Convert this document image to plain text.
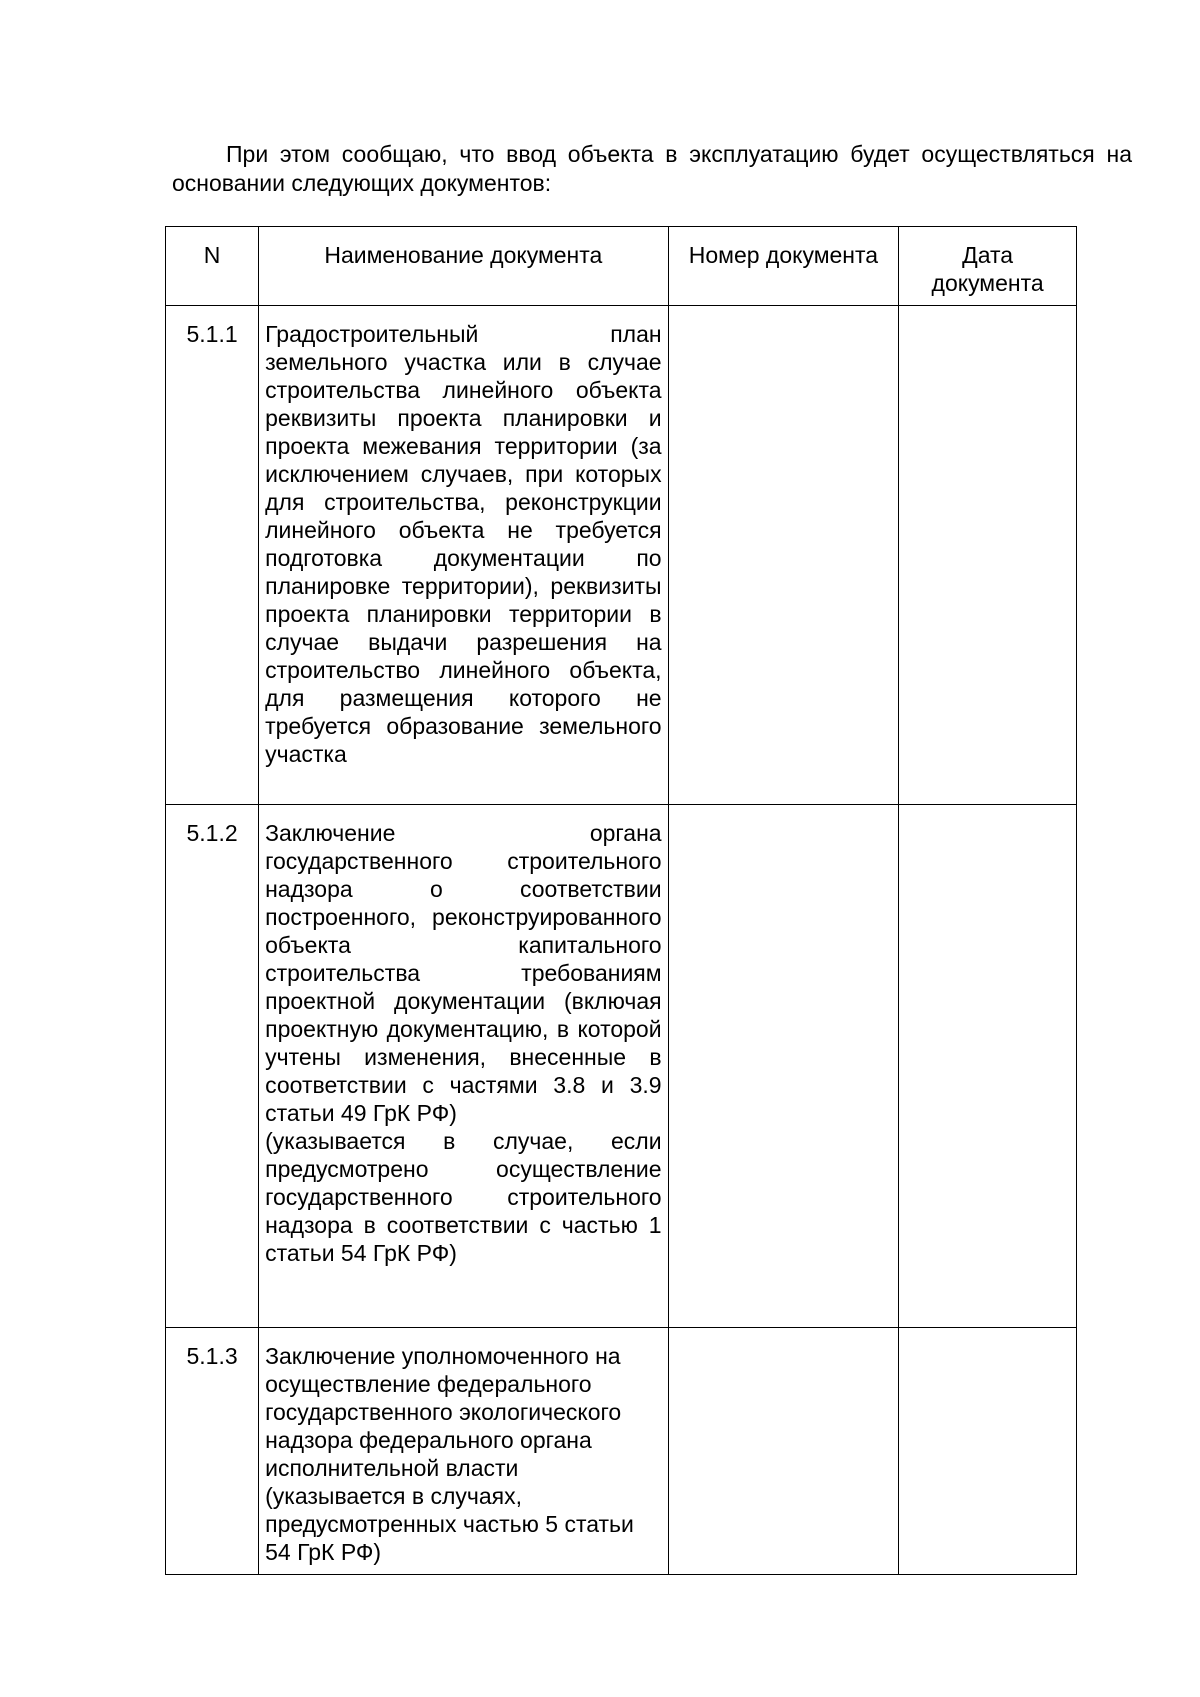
При этом сообщаю, что ввод объекта в эксплуатацию будет осуществляться на основании следующих документов:

N	Наименование документа	Номер документа	Дата документа
5.1.1	Градостроительный план земельного участка или в случае строительства линейного объекта реквизиты проекта планировки и проекта межевания территории (за исключением случаев, при которых для строительства, реконструкции линейного объекта не требуется подготовка документации по планировке территории), реквизиты проекта планировки территории в случае выдачи разрешения на строительство линейного объекта, для размещения которого не требуется образование земельного участка		
5.1.2	Заключение органа государственного строительного надзора о соответствии построенного, реконструированного объекта капитального строительства требованиям проектной документации (включая проектную документацию, в которой учтены изменения, внесенные в соответствии с частями 3.8 и 3.9 статьи 49 ГрК РФ)
(указывается в случае, если предусмотрено осуществление государственного строительного надзора в соответствии с частью 1 статьи 54 ГрК РФ)		

5.1.3	Заключение уполномоченного на осуществление федерального государственного экологического надзора федерального органа исполнительной власти
(указывается в случаях, предусмотренных частью 5 статьи 54 ГрК РФ)		
